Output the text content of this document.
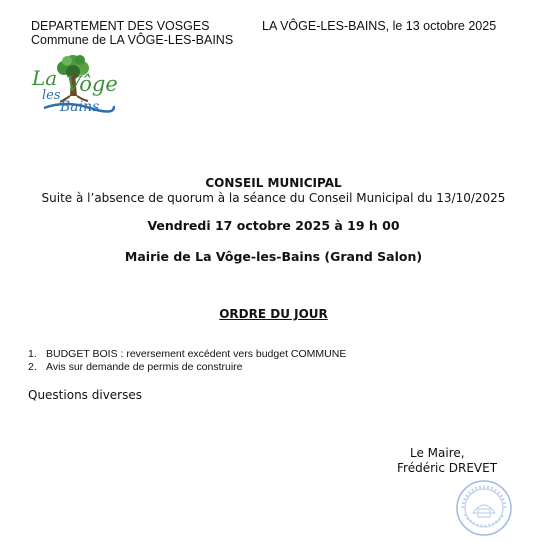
DEPARTEMENT DES VOSGES
Commune de LA VÔGE-LES-BAINS
LA VÔGE-LES-BAINS, le 13 octobre 2025
La Vôge
les
Bains
CONSEIL MUNICIPAL
Suite à l’absence de quorum à la séance du Conseil Municipal du 13/10/2025
Vendredi 17 octobre 2025 à 19 h 00
Mairie de La Vôge-les-Bains (Grand Salon)
ORDRE DU JOUR
1. BUDGET BOIS : reversement excédent vers budget COMMUNE
2. Avis sur demande de permis de construire
Questions diverses
Le Maire,
Frédéric DREVET
